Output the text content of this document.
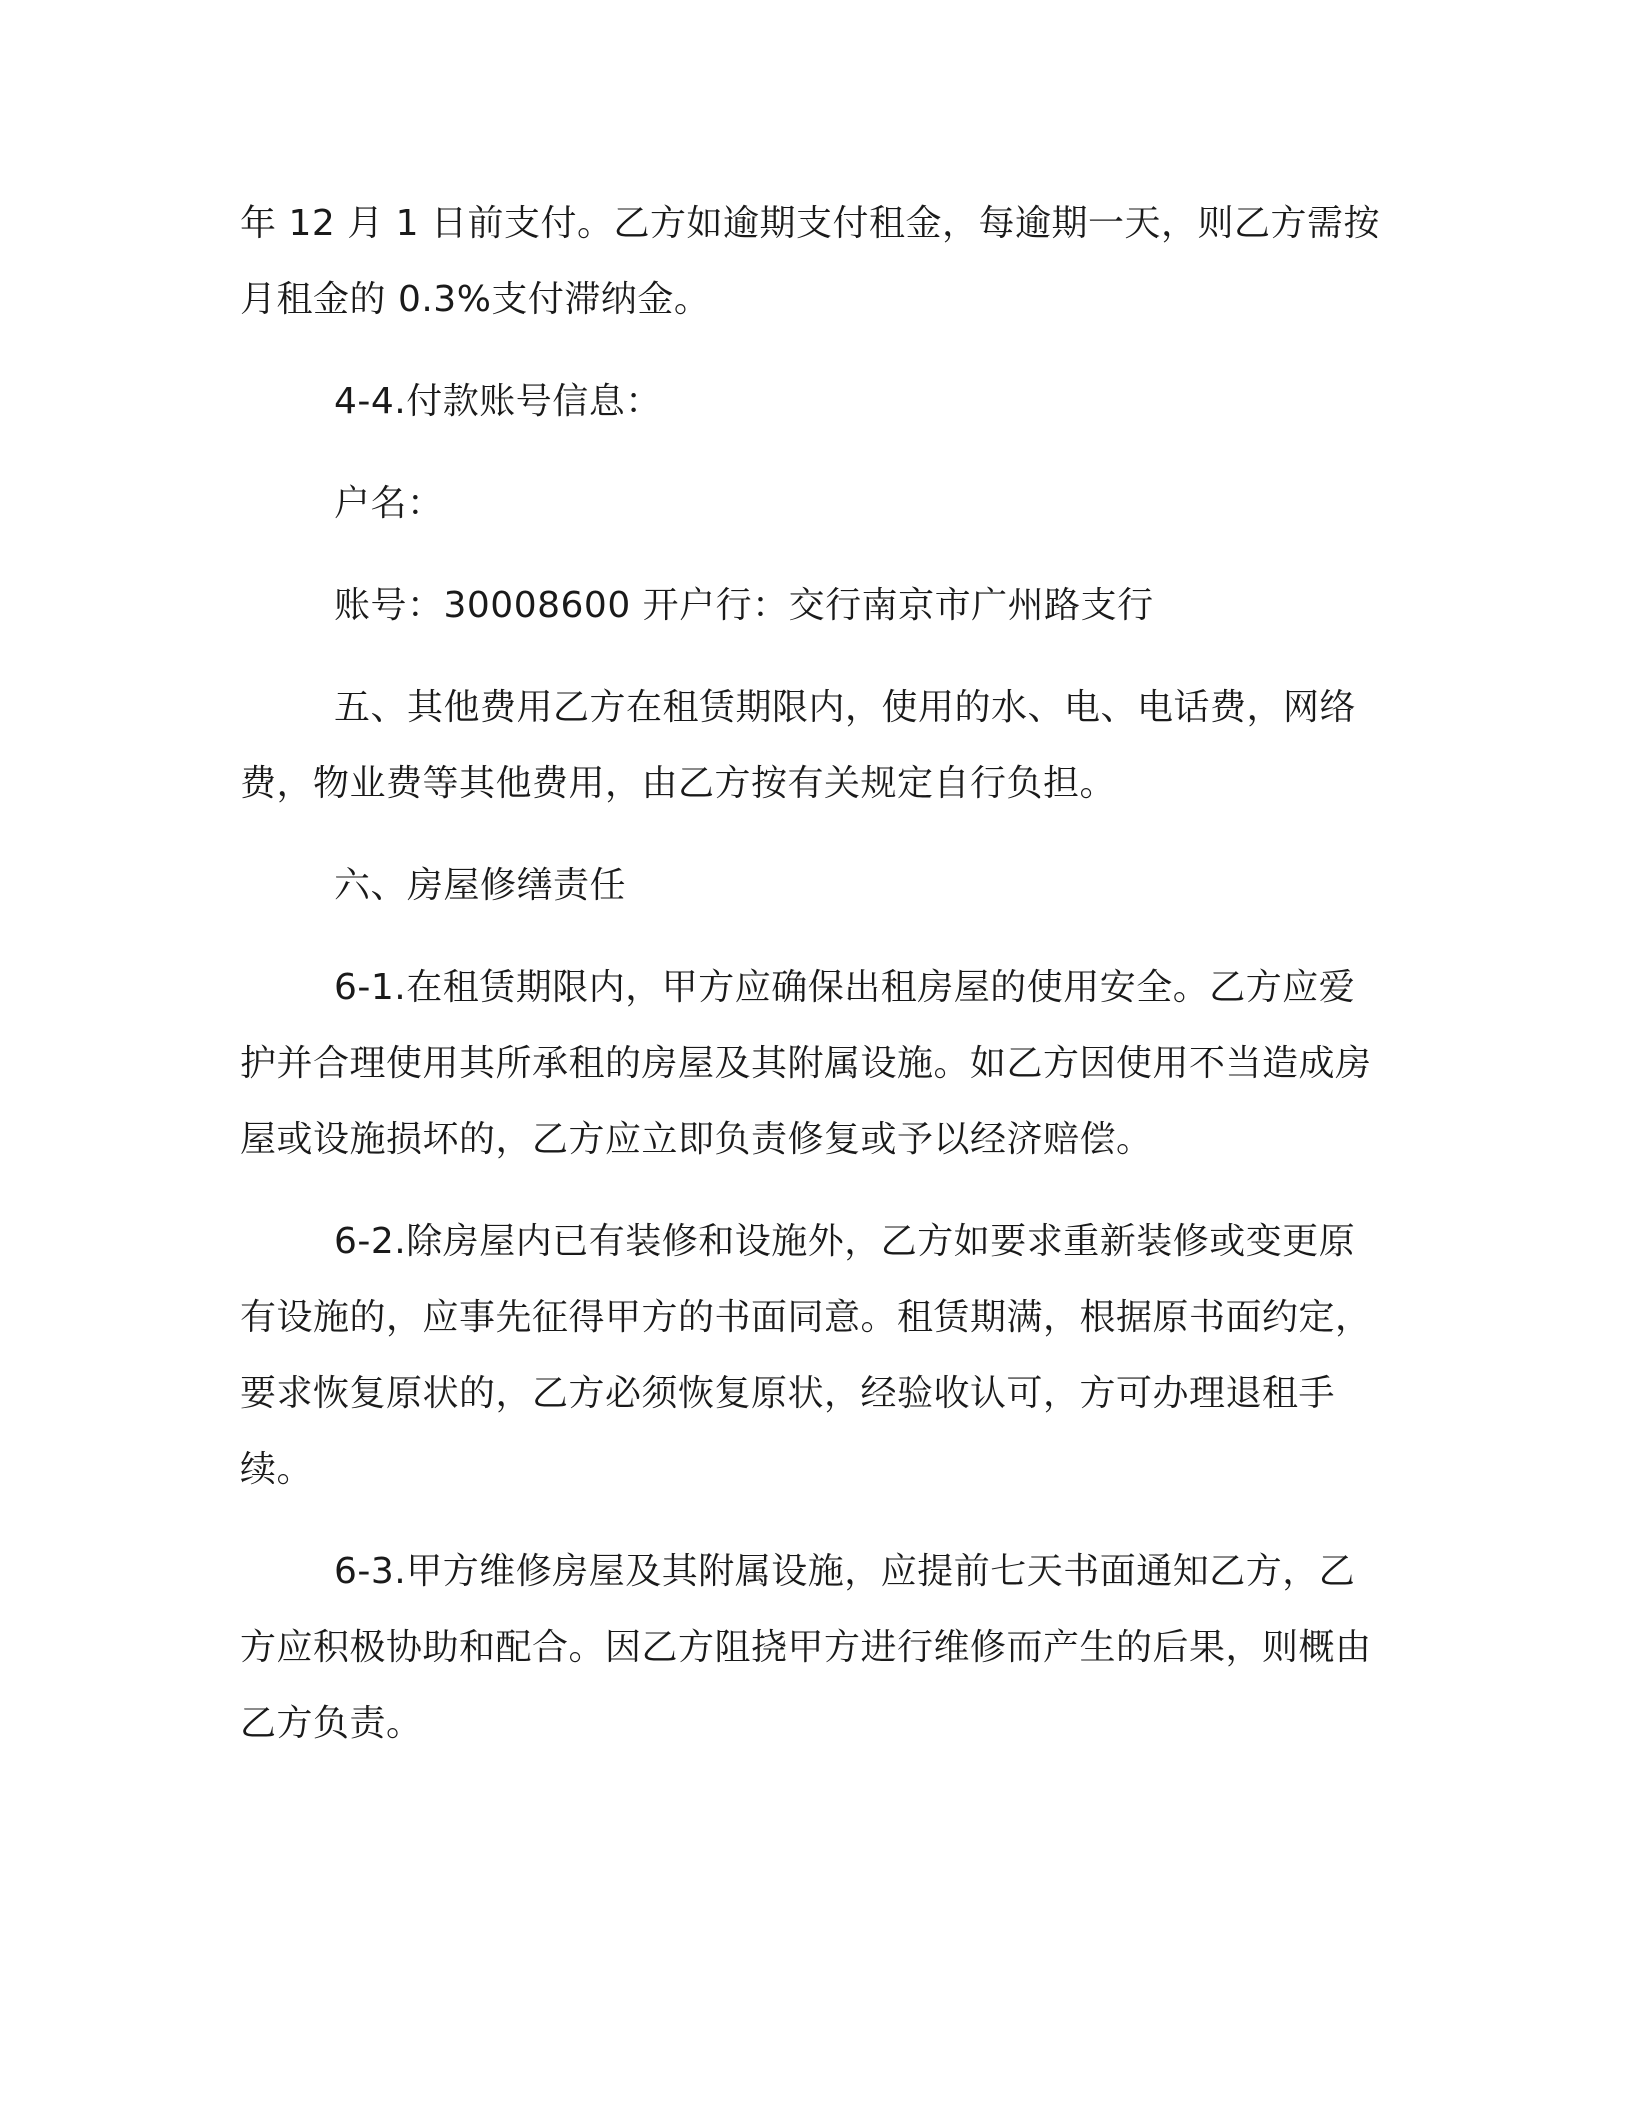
年 12 月 1 日前支付。乙方如逾期支付租金，每逾期一天，则乙方需按月租金的 0.3%支付滞纳金。

4-4.付款账号信息：

户名：

账号：30008600 开户行：交行南京市广州路支行

五、其他费用乙方在租赁期限内，使用的水、电、电话费，网络费，物业费等其他费用，由乙方按有关规定自行负担。

六、房屋修缮责任

6-1.在租赁期限内，甲方应确保出租房屋的使用安全。乙方应爱护并合理使用其所承租的房屋及其附属设施。如乙方因使用不当造成房屋或设施损坏的，乙方应立即负责修复或予以经济赔偿。

6-2.除房屋内已有装修和设施外，乙方如要求重新装修或变更原有设施的，应事先征得甲方的书面同意。租赁期满，根据原书面约定，要求恢复原状的，乙方必须恢复原状，经验收认可，方可办理退租手续。

6-3.甲方维修房屋及其附属设施，应提前七天书面通知乙方，乙方应积极协助和配合。因乙方阻挠甲方进行维修而产生的后果，则概由乙方负责。
